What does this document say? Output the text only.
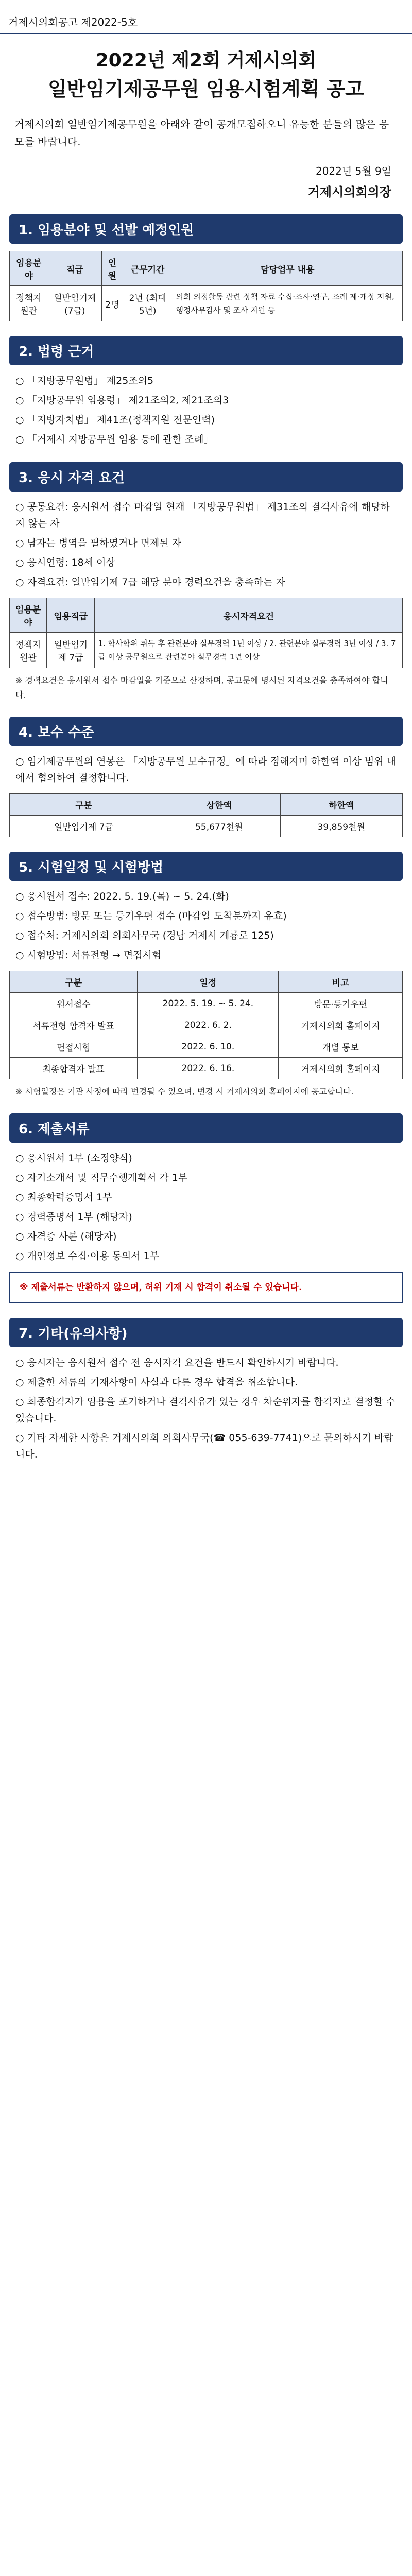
거제시의회공고 제2022-5호
2022년 제2회 거제시의회
일반임기제공무원 임용시험계획 공고
거제시의회 일반임기제공무원을 아래와 같이 공개모집하오니 유능한 분들의 많은 응모를 바랍니다.
2022년 5월 9일
거제시의회의장
1. 임용분야 및 선발 예정인원
임용분야	직급	인원	근무기간	담당업무 내용
정책지원관	일반임기제(7급)	2명	2년 (최대 5년)	의회 의정활동 관련 정책 자료 수집·조사·연구, 조례 제·개정 지원, 행정사무감사 및 조사 지원 등
2. 법령 근거

○ 「지방공무원법」 제25조의5

○ 「지방공무원 임용령」 제21조의2, 제21조의3

○ 「지방자치법」 제41조(정책지원 전문인력)

○ 「거제시 지방공무원 임용 등에 관한 조례」

3. 응시 자격 요건

○ 공통요건: 응시원서 접수 마감일 현재 「지방공무원법」 제31조의 결격사유에 해당하지 않는 자

○ 남자는 병역을 필하였거나 면제된 자

○ 응시연령: 18세 이상

○ 자격요건: 일반임기제 7급 해당 분야 경력요건을 충족하는 자

임용분야	임용직급	응시자격요건
정책지원관	일반임기제 7급	1. 학사학위 취득 후 관련분야 실무경력 1년 이상 / 2. 관련분야 실무경력 3년 이상 / 3. 7급 이상 공무원으로 관련분야 실무경력 1년 이상
※ 경력요건은 응시원서 접수 마감일을 기준으로 산정하며, 공고문에 명시된 자격요건을 충족하여야 합니다.
4. 보수 수준

○ 임기제공무원의 연봉은 「지방공무원 보수규정」에 따라 정해지며 하한액 이상 범위 내에서 협의하여 결정합니다.

구분	상한액	하한액
일반임기제 7급	55,677천원	39,859천원
5. 시험일정 및 시험방법

○ 응시원서 접수: 2022. 5. 19.(목) ~ 5. 24.(화)

○ 접수방법: 방문 또는 등기우편 접수 (마감일 도착분까지 유효)

○ 접수처: 거제시의회 의회사무국 (경남 거제시 계룡로 125)

○ 시험방법: 서류전형 → 면접시험

구분	일정	비고
원서접수	2022. 5. 19. ~ 5. 24.	방문·등기우편
서류전형 합격자 발표	2022. 6. 2.	거제시의회 홈페이지
면접시험	2022. 6. 10.	개별 통보
최종합격자 발표	2022. 6. 16.	거제시의회 홈페이지
※ 시험일정은 기관 사정에 따라 변경될 수 있으며, 변경 시 거제시의회 홈페이지에 공고합니다.
6. 제출서류

○ 응시원서 1부 (소정양식)

○ 자기소개서 및 직무수행계획서 각 1부

○ 최종학력증명서 1부

○ 경력증명서 1부 (해당자)

○ 자격증 사본 (해당자)

○ 개인정보 수집·이용 동의서 1부

※ 제출서류는 반환하지 않으며, 허위 기재 시 합격이 취소될 수 있습니다.
7. 기타(유의사항)

○ 응시자는 응시원서 접수 전 응시자격 요건을 반드시 확인하시기 바랍니다.

○ 제출한 서류의 기재사항이 사실과 다른 경우 합격을 취소합니다.

○ 최종합격자가 임용을 포기하거나 결격사유가 있는 경우 차순위자를 합격자로 결정할 수 있습니다.

○ 기타 자세한 사항은 거제시의회 의회사무국(☎ 055-639-7741)으로 문의하시기 바랍니다.
